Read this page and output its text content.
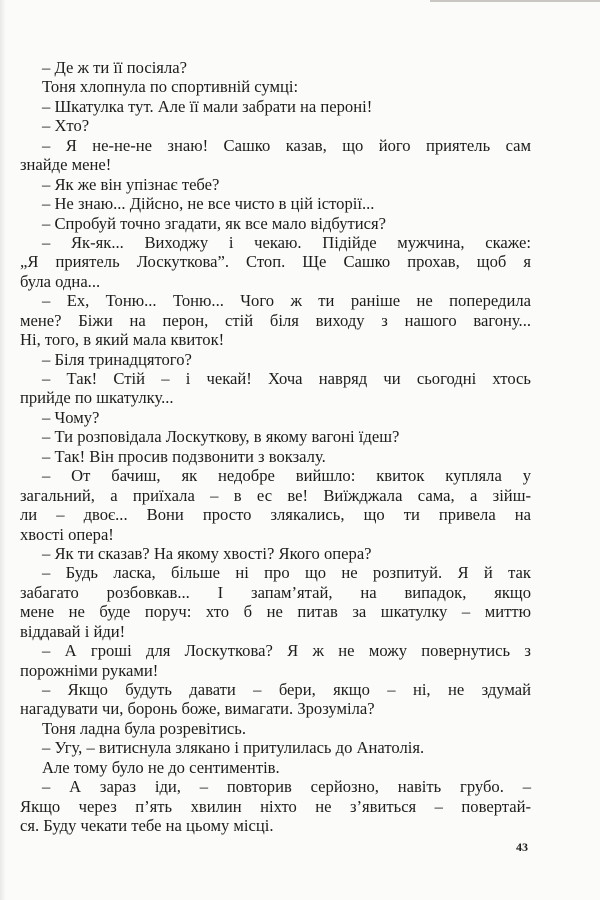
– Де ж ти її посіяла?
Тоня хлопнула по спортивній сумці:
– Шкатулка тут. Але її мали забрати на пероні!
– Хто?
– Я не-не-не знаю! Сашко казав, що його приятель сам
знайде мене!
– Як же він упізнає тебе?
– Не знаю... Дійсно, не все чисто в цій історії...
– Спробуй точно згадати, як все мало відбутися?
– Як-як... Виходжу і чекаю. Підійде мужчина, скаже:
„Я приятель Лоскуткова”. Стоп. Ще Сашко прохав, щоб я
була одна...
– Ех, Тоню... Тоню... Чого ж ти раніше не попередила
мене? Біжи на перон, стій біля виходу з нашого вагону...
Ні, того, в який мала квиток!
– Біля тринадцятого?
– Так! Стій – і чекай! Хоча навряд чи сьогодні хтось
прийде по шкатулку...
– Чому?
– Ти розповідала Лоскуткову, в якому вагоні їдеш?
– Так! Він просив подзвонити з вокзалу.
– От бачиш, як недобре вийшло: квиток купляла у
загальний, а приїхала – в ес ве! Виїжджала сама, а зійш-
ли – двоє... Вони просто злякались, що ти привела на
хвості опера!
– Як ти сказав? На якому хвості? Якого опера?
– Будь ласка, більше ні про що не розпитуй. Я й так
забагато розбовкав... І запам’ятай, на випадок, якщо
мене не буде поруч: хто б не питав за шкатулку – миттю
віддавай і йди!
– А гроші для Лоскуткова? Я ж не можу повернутись з
порожніми руками!
– Якщо будуть давати – бери, якщо – ні, не здумай
нагадувати чи, боронь боже, вимагати. Зрозуміла?
Тоня ладна була розревітись.
– Угу, – витиснула злякано і притулилась до Анатолія.
Але тому було не до сентиментів.
– А зараз іди, – повторив серйозно, навіть грубо. –
Якщо через п’ять хвилин ніхто не з’явиться – повертай-
ся. Буду чекати тебе на цьому місці.
43
